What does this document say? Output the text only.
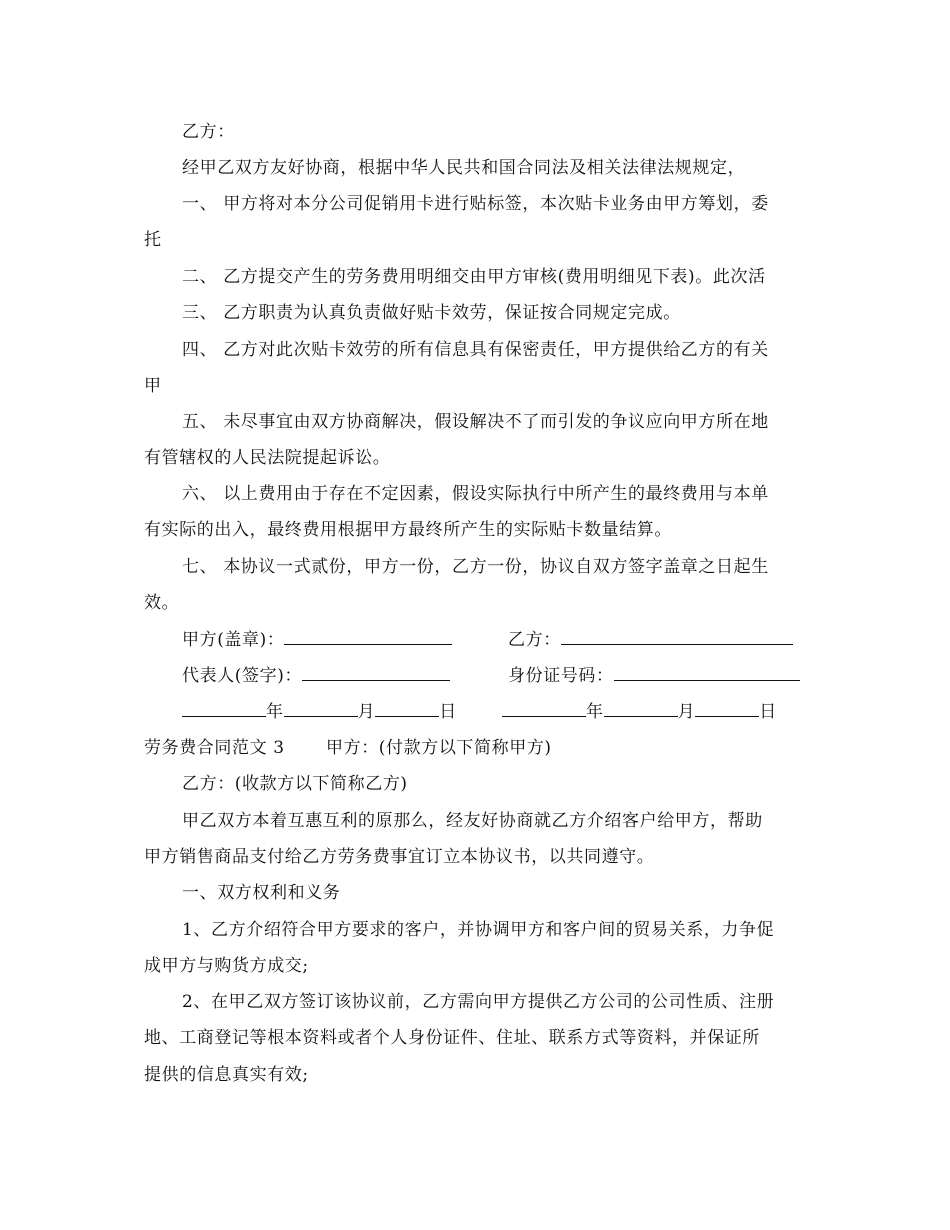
乙方：
经甲乙双方友好协商，根据中华人民共和国合同法及相关法律法规规定，
一、 甲方将对本分公司促销用卡进行贴标签，本次贴卡业务由甲方筹划，委
托
二、 乙方提交产生的劳务费用明细交由甲方审核(费用明细见下表)。此次活
三、 乙方职责为认真负责做好贴卡效劳，保证按合同规定完成。
四、 乙方对此次贴卡效劳的所有信息具有保密责任，甲方提供给乙方的有关
甲
五、 未尽事宜由双方协商解决，假设解决不了而引发的争议应向甲方所在地
有管辖权的人民法院提起诉讼。
六、 以上费用由于存在不定因素，假设实际执行中所产生的最终费用与本单
有实际的出入，最终费用根据甲方最终所产生的实际贴卡数量结算。
七、 本协议一式贰份，甲方一份，乙方一份，协议自双方签字盖章之日起生
效。
甲方(盖章)：	乙方：
代表人(签字)：	身份证号码：
年	月	日	年	月	日
劳务费合同范文 3 甲方：(付款方以下简称甲方)
乙方：(收款方以下简称乙方)
甲乙双方本着互惠互利的原那么，经友好协商就乙方介绍客户给甲方，帮助
甲方销售商品支付给乙方劳务费事宜订立本协议书，以共同遵守。
一、双方权利和义务
1、乙方介绍符合甲方要求的客户，并协调甲方和客户间的贸易关系，力争促
成甲方与购货方成交;
2、在甲乙双方签订该协议前，乙方需向甲方提供乙方公司的公司性质、注册
地、工商登记等根本资料或者个人身份证件、住址、联系方式等资料，并保证所
提供的信息真实有效;
